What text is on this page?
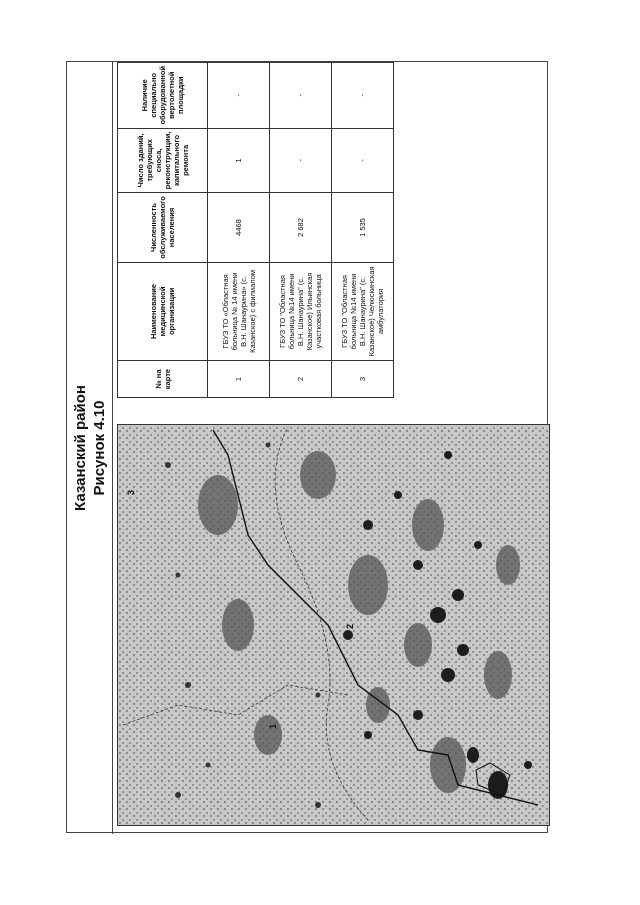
Казанский район Рисунок 4.10
1
2
3
№ на карте	Наименование медицинской организации	Численность обслуживаемого населения	Число зданий, требующих сноса, реконструкции, капитального ремонта	Наличие специально оборудованной вертолетной площадки
1	ГБУЗ ТО «Областная больница № 14 имени В.Н. Шанаурина» (с. Казанское) с филиалом	4468	1	-
2	ГБУЗ ТО "Областная больница №14 имени В.Н. Шанаурина" (с. Казанское) Ильинская участковая больница	2 682	-	-
3	ГБУЗ ТО "Областная больница №14 имени В.Н. Шанаурина" (с. Казанское) Челюскинская амбулатория	1 535	-	-
